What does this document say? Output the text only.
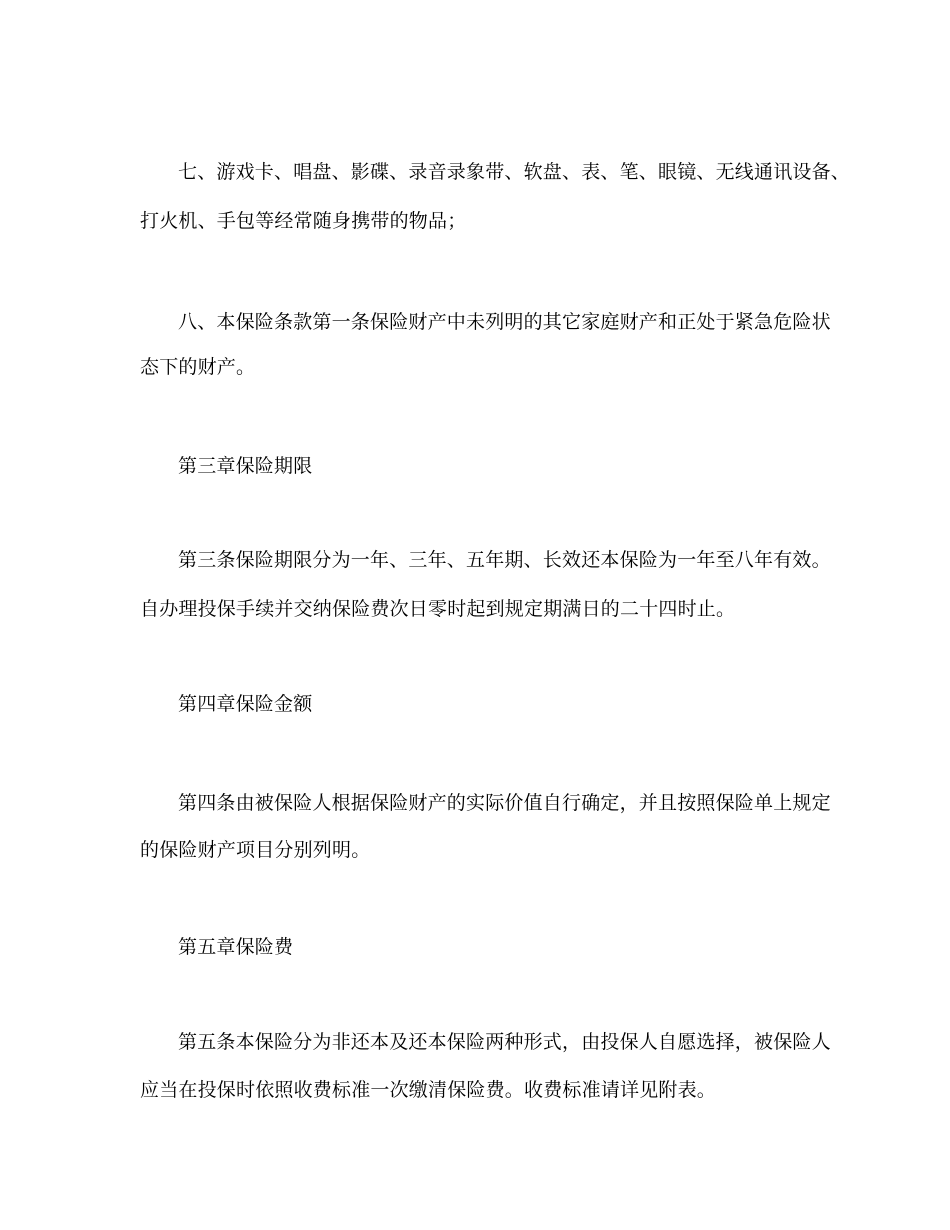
七、游戏卡、唱盘、影碟、录音录象带、软盘、表、笔、眼镜、无线通讯设备、
打火机、手包等经常随身携带的物品；
八、本保险条款第一条保险财产中未列明的其它家庭财产和正处于紧急危险状
态下的财产。
第三章保险期限
第三条保险期限分为一年、三年、五年期、长效还本保险为一年至八年有效。
自办理投保手续并交纳保险费次日零时起到规定期满日的二十四时止。
第四章保险金额
第四条由被保险人根据保险财产的实际价值自行确定，并且按照保险单上规定
的保险财产项目分别列明。
第五章保险费
第五条本保险分为非还本及还本保险两种形式，由投保人自愿选择，被保险人
应当在投保时依照收费标准一次缴清保险费。收费标准请详见附表。
